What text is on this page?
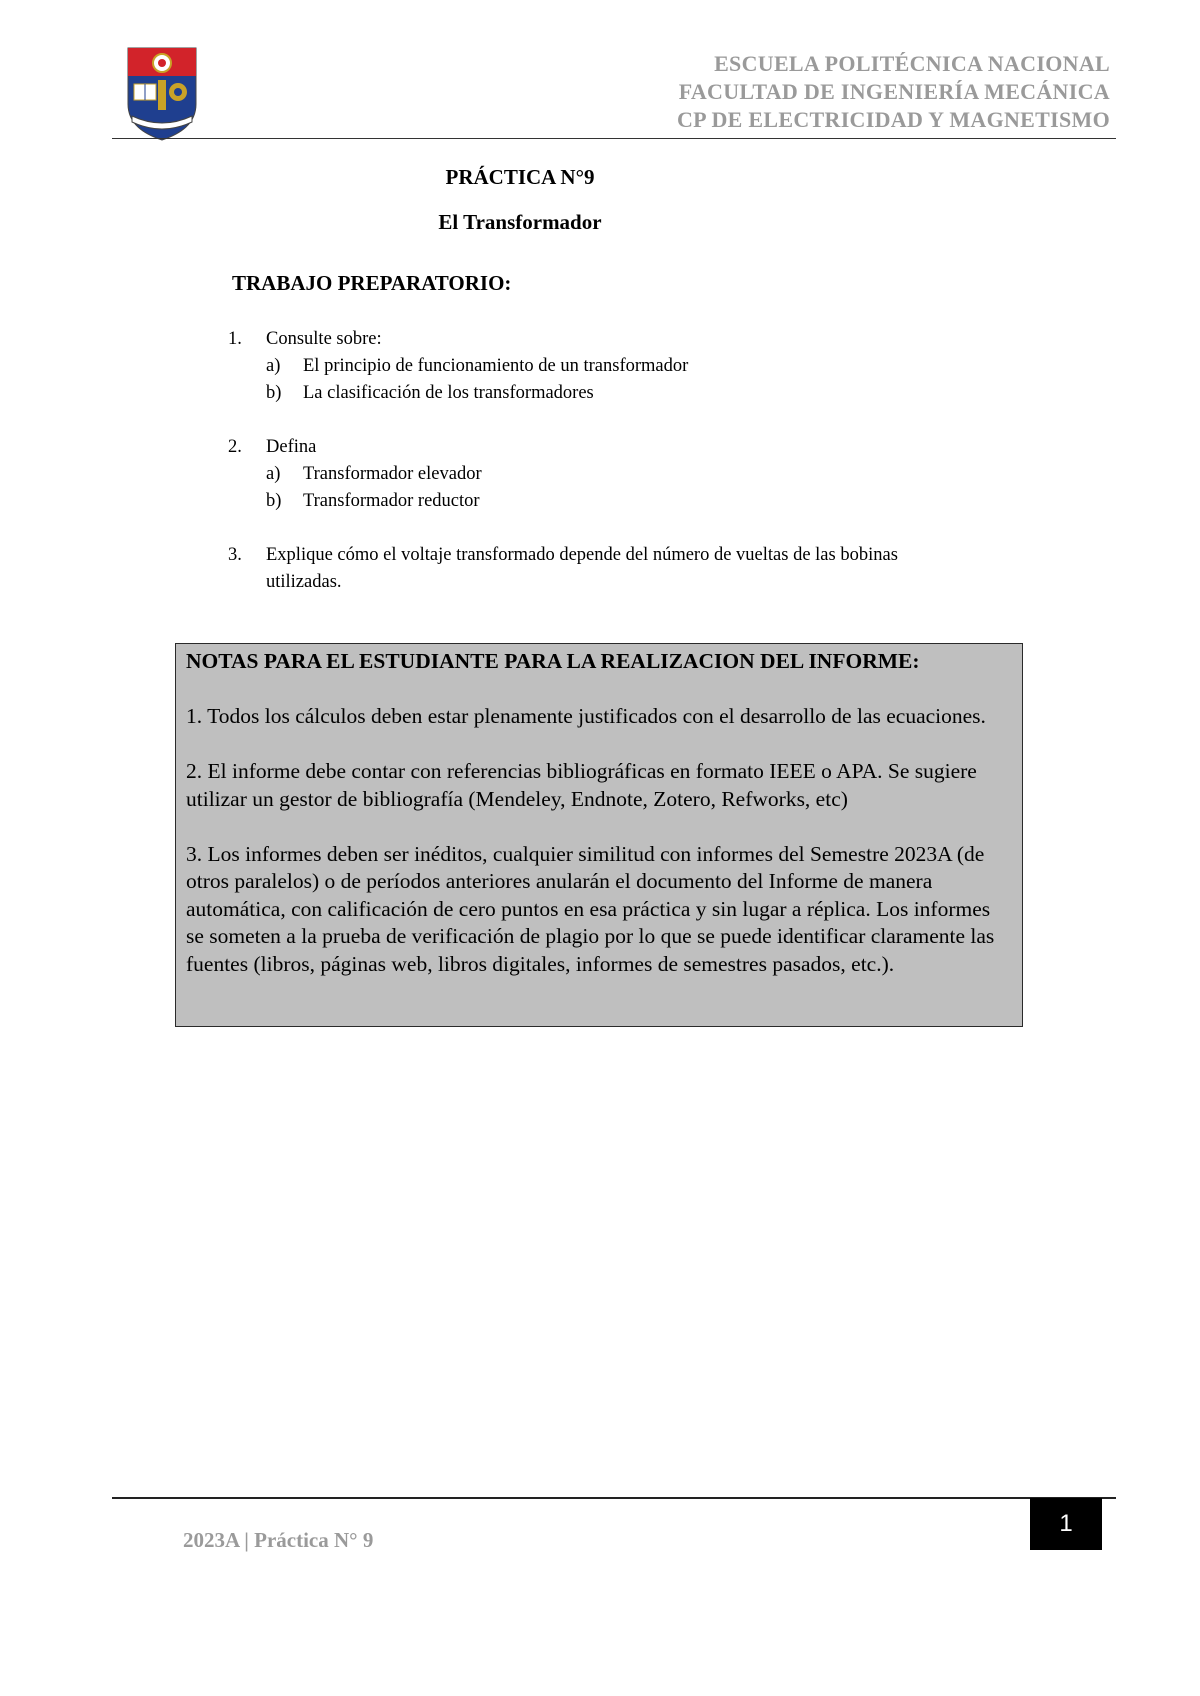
ESCUELA POLITÉCNICA NACIONAL
FACULTAD DE INGENIERÍA MECÁNICA
CP DE ELECTRICIDAD Y MAGNETISMO
PRÁCTICA N°9
El Transformador
TRABAJO PREPARATORIO:
1.	Consulte sobre:
a)	El principio de funcionamiento de un transformador
b)	La clasificación de los transformadores
2.	Defina
a)	Transformador elevador
b)	Transformador reductor
3.	Explique cómo el voltaje transformado depende del número de vueltas de las bobinas utilizadas.

NOTAS PARA EL ESTUDIANTE PARA LA REALIZACION DEL INFORME:

1. Todos los cálculos deben estar plenamente justificados con el desarrollo de las ecuaciones.

2. El informe debe contar con referencias bibliográficas en formato IEEE o APA. Se sugiere utilizar un gestor de bibliografía (Mendeley, Endnote, Zotero, Refworks, etc)

3. Los informes deben ser inéditos, cualquier similitud con informes del Semestre 2023A (de otros paralelos) o de períodos anteriores anularán el documento del Informe de manera automática, con calificación de cero puntos en esa práctica y sin lugar a réplica. Los informes se someten a la prueba de verificación de plagio por lo que se puede identificar claramente las fuentes (libros, páginas web, libros digitales, informes de semestres pasados, etc.).

2023A | Práctica N° 9
1
